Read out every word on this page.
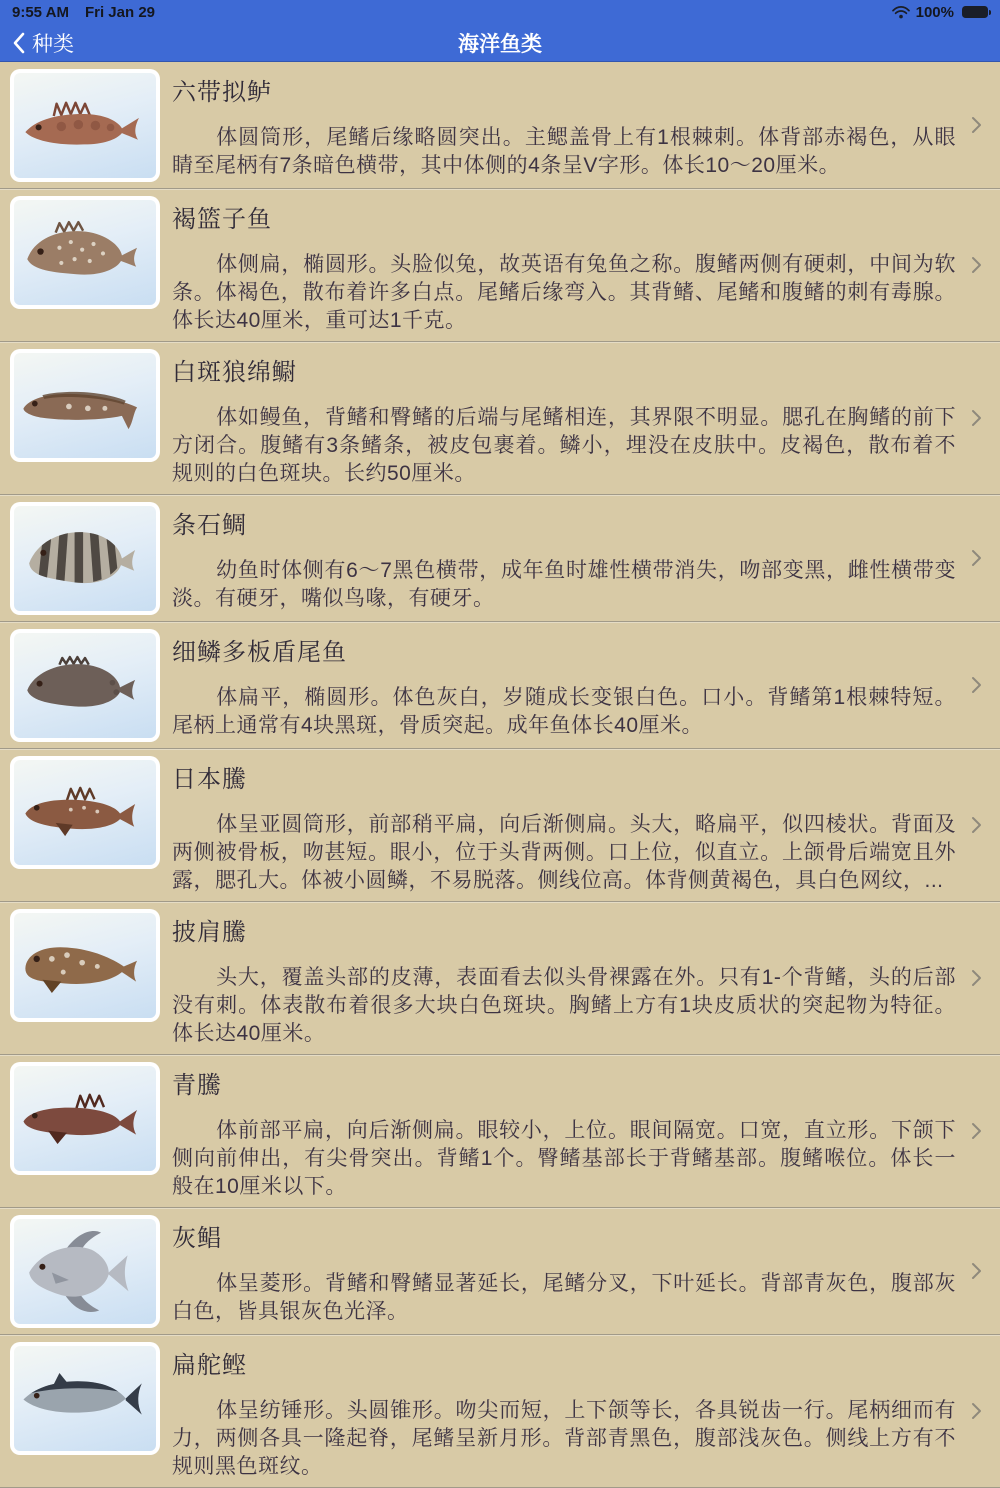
9:55 AM Fri Jan 29	100%
种类	海洋鱼类
六带拟鲈
体圆筒形，尾鳍后缘略圆突出。主鳃盖骨上有1根棘刺。体背部赤褐色，从眼睛至尾柄有7条暗色横带，其中体侧的4条呈V字形。体长10～20厘米。
褐篮子鱼
体侧扁，椭圆形。头脸似兔，故英语有兔鱼之称。腹鳍两侧有硬刺，中间为软条。体褐色，散布着许多白点。尾鳍后缘弯入。其背鳍、尾鳍和腹鳍的刺有毒腺。体长达40厘米，重可达1千克。
白斑狼绵鳚
体如鳗鱼，背鳍和臀鳍的后端与尾鳍相连，其界限不明显。腮孔在胸鳍的前下方闭合。腹鳍有3条鳍条，被皮包裹着。鳞小，埋没在皮肤中。皮褐色，散布着不规则的白色斑块。长约50厘米。
条石鲷
幼鱼时体侧有6～7黑色横带，成年鱼时雄性横带消失，吻部变黑，雌性横带变淡。有硬牙，嘴似鸟喙，有硬牙。
细鳞多板盾尾鱼
体扁平，椭圆形。体色灰白，岁随成长变银白色。口小。背鳍第1根棘特短。尾柄上通常有4块黑斑，骨质突起。成年鱼体长40厘米。
日本騰
体呈亚圆筒形，前部稍平扁，向后渐侧扁。头大，略扁平，似四棱状。背面及两侧被骨板，吻甚短。眼小，位于头背两侧。口上位，似直立。上颌骨后端宽且外露，腮孔大。体被小圆鳞，不易脱落。侧线位高。体背侧黄褐色，具白色网纹，...
披肩騰
头大，覆盖头部的皮薄，表面看去似头骨裸露在外。只有1-个背鳍，头的后部没有刺。体表散布着很多大块白色斑块。胸鳍上方有1块皮质状的突起物为特征。体长达40厘米。
青騰
体前部平扁，向后渐侧扁。眼较小，上位。眼间隔宽。口宽，直立形。下颌下侧向前伸出，有尖骨突出。背鳍1个。臀鳍基部长于背鳍基部。腹鳍喉位。体长一般在10厘米以下。
灰鲳
体呈菱形。背鳍和臀鳍显著延长，尾鳍分叉，下叶延长。背部青灰色，腹部灰白色，皆具银灰色光泽。
扁舵鲣
体呈纺锤形。头圆锥形。吻尖而短，上下颌等长，各具锐齿一行。尾柄细而有力，两侧各具一隆起脊，尾鳍呈新月形。背部青黑色，腹部浅灰色。侧线上方有不规则黑色斑纹。
